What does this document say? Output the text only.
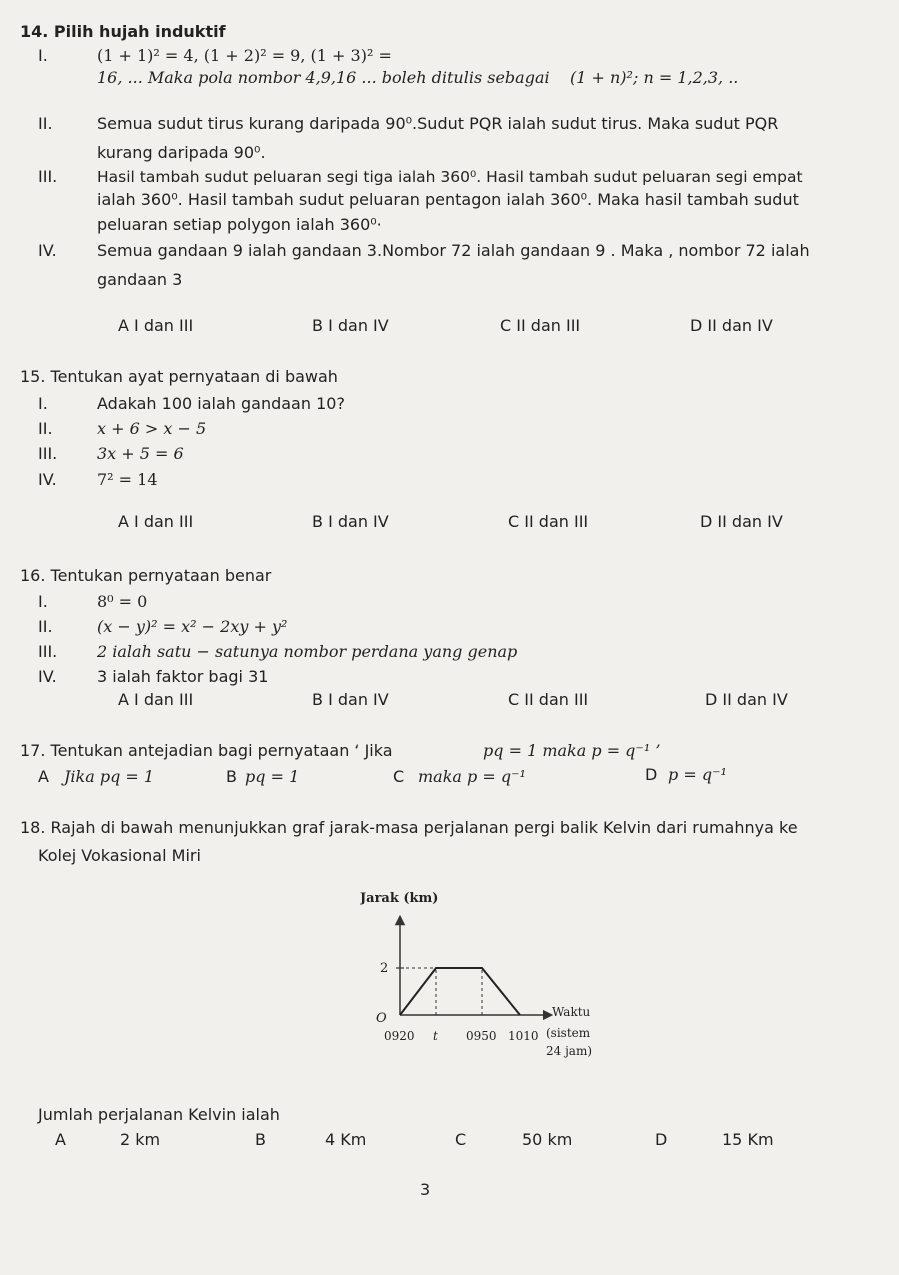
14. Pilih hujah induktif
I.	(1 + 1)² = 4, (1 + 2)² = 9, (1 + 3)² =
16, ... Maka pola nombor 4,9,16 ... boleh ditulis sebagai (1 + n)²; n = 1,2,3, ..
II.	Semua sudut tirus kurang daripada 90⁰.Sudut PQR ialah sudut tirus. Maka sudut PQR
kurang daripada 90⁰.
III.	Hasil tambah sudut peluaran segi tiga ialah 360⁰. Hasil tambah sudut peluaran segi empat
ialah 360⁰. Hasil tambah sudut peluaran pentagon ialah 360⁰. Maka hasil tambah sudut
peluaran setiap polygon ialah 360⁰·
IV.	Semua gandaan 9 ialah gandaan 3.Nombor 72 ialah gandaan 9 . Maka , nombor 72 ialah
gandaan 3
A I dan III	B I dan IV	C II dan III	D II dan IV
15. Tentukan ayat pernyataan di bawah
I.	Adakah 100 ialah gandaan 10?
II.	x + 6 > x − 5
III. 3x + 5 = 6
IV.	7² = 14
A I dan III	B I dan IV	C II dan III	D II dan IV
16. Tentukan pernyataan benar
I.	8⁰ = 0
II.	(x − y)² = x² − 2xy + y²
III. 2 ialah satu − satunya nombor perdana yang genap
IV.	3 ialah faktor bagi 31
A I dan III	B I dan IV	C II dan III	D II dan IV
17. Tentukan antejadian bagi pernyataan ‘ Jika	pq = 1 maka p = q⁻¹ ’
A Jika pq = 1	B pq = 1	C maka p = q⁻¹	D p = q⁻¹
18. Rajah di bawah menunjukkan graf jarak-masa perjalanan pergi balik Kelvin dari rumahnya ke
Kolej Vokasional Miri
Jarak (km)
O
2
0920 t 0950 1010
Waktu
(sistem
24 jam)
Jumlah perjalanan Kelvin ialah
A	2 km	B	4 Km	C	50 km	D	15 Km
3
